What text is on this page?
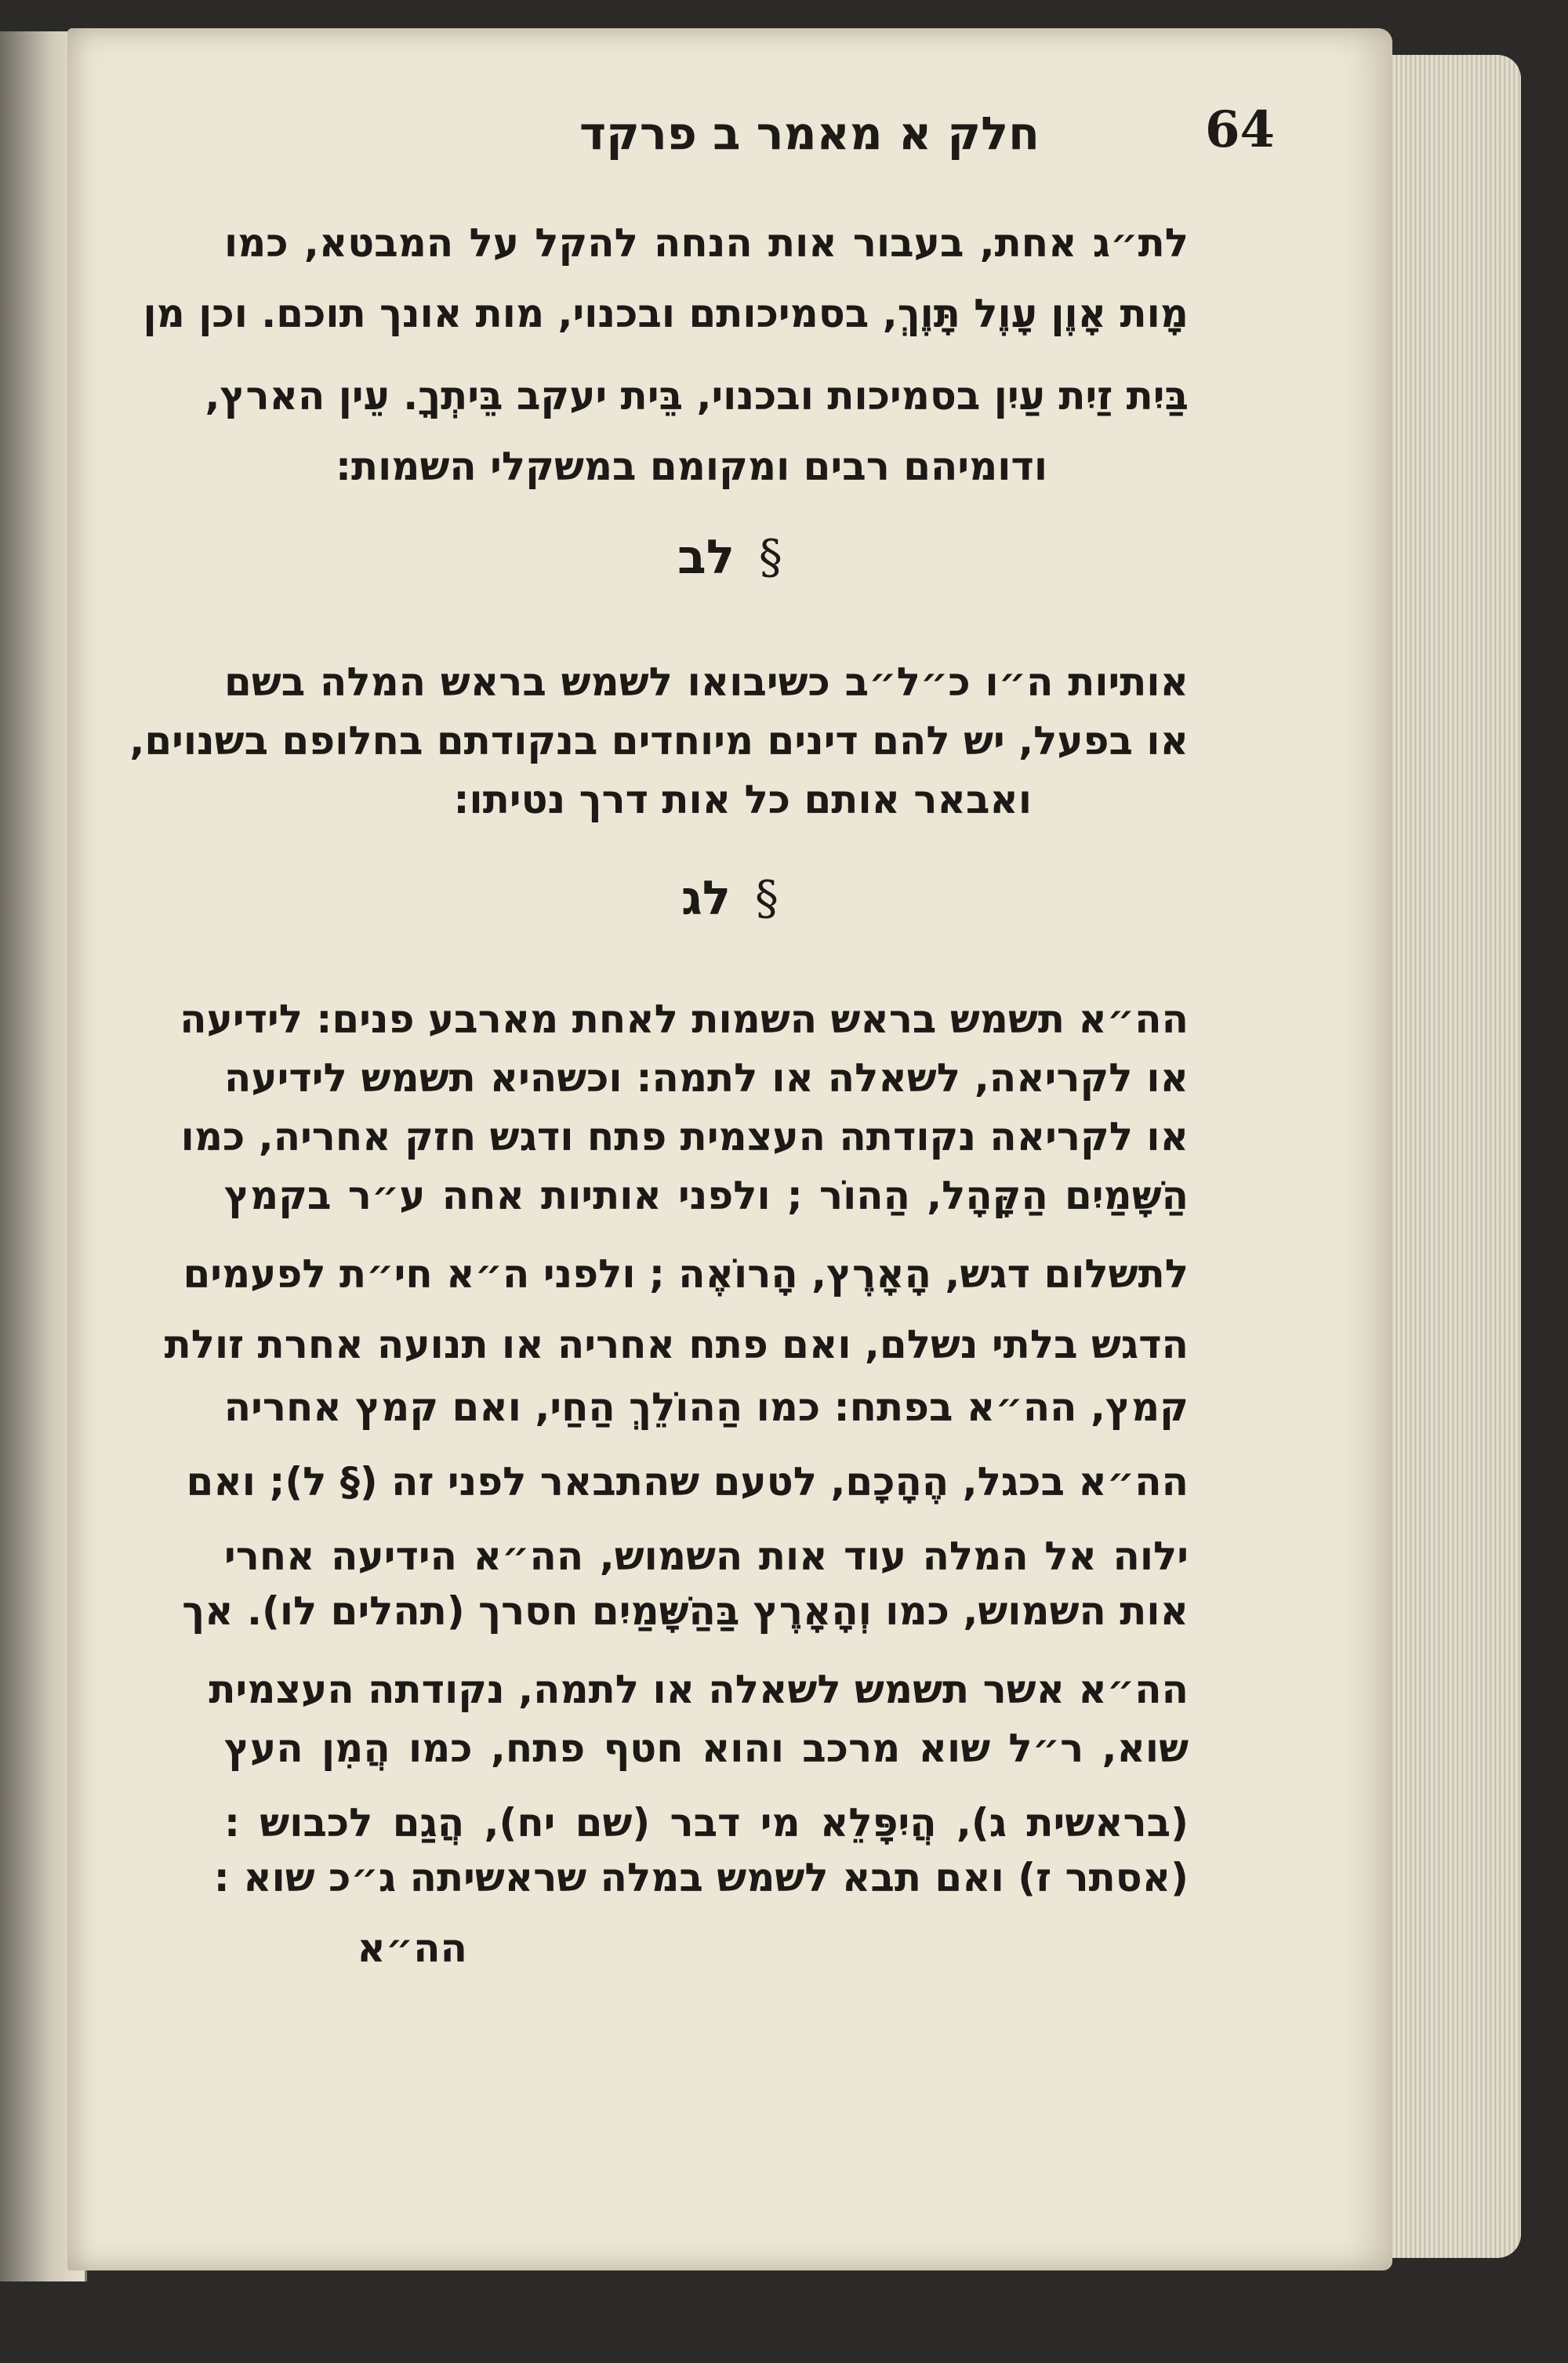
חלק א מאמר ב פרקד	64
לת״ג אחת, בעבור אות הנחה להקל על המבטא, כמו
מָות אָוֶן עָוֶל תָּוֶךְ, בסמיכותם ובכנוי, מות אונך תוכם. וכן מן
בַּיִת זַיִת עַיִן בסמיכות ובכנוי, בֵּית יעקב בֵּיתְךָ. עֵין הארץ,
ודומיהם רבים ומקומם במשקלי השמות:
§ לב
אותיות ה״ו כ״ל״ב כשיבואו לשמש בראש המלה בשם
או בפעל, יש להם דינים מיוחדים בנקודתם בחלופם בשנוים,
ואבאר אותם כל אות דרך נטיתו:
§ לג
הה״א תשמש בראש השמות לאחת מארבע פנים: לידיעה
או לקריאה, לשאלה או לתמה: וכשהיא תשמש לידיעה
או לקריאה נקודתה העצמית פתח ודגש חזק אחריה, כמו
הַשָּׁמַיִם הַקָּהָל, הַהוֹר ; ולפני אותיות אחה ע״ר בקמץ
לתשלום דגש, הָאָרֶץ, הָרוֹאֶה ; ולפני ה״א חי״ת לפעמים
הדגש בלתי נשלם, ואם פתח אחריה או תנועה אחרת זולת
קמץ, הה״א בפתח: כמו הַהוֹלֵךְ הַחַי, ואם קמץ אחריה
הה״א בכגל, הֶהָכָם, לטעם שהתבאר לפני זה (§ ל); ואם
ילוה אל המלה עוד אות השמוש, הה״א הידיעה אחרי
אות השמוש, כמו וְהָאָרֶץ בַּהַשָּׁמַיִם חסרך (תהלים לו). אך
הה״א אשר תשמש לשאלה או לתמה, נקודתה העצמית
שוא, ר״ל שוא מרכב והוא חטף פתח, כמו הֲמִן העץ
(בראשית ג), הֲיִפָּלֵא מי דבר (שם יח), הֲגַם לכבוש :
(אסתר ז) ואם תבא לשמש במלה שראשיתה ג״כ שוא :
הה״א
